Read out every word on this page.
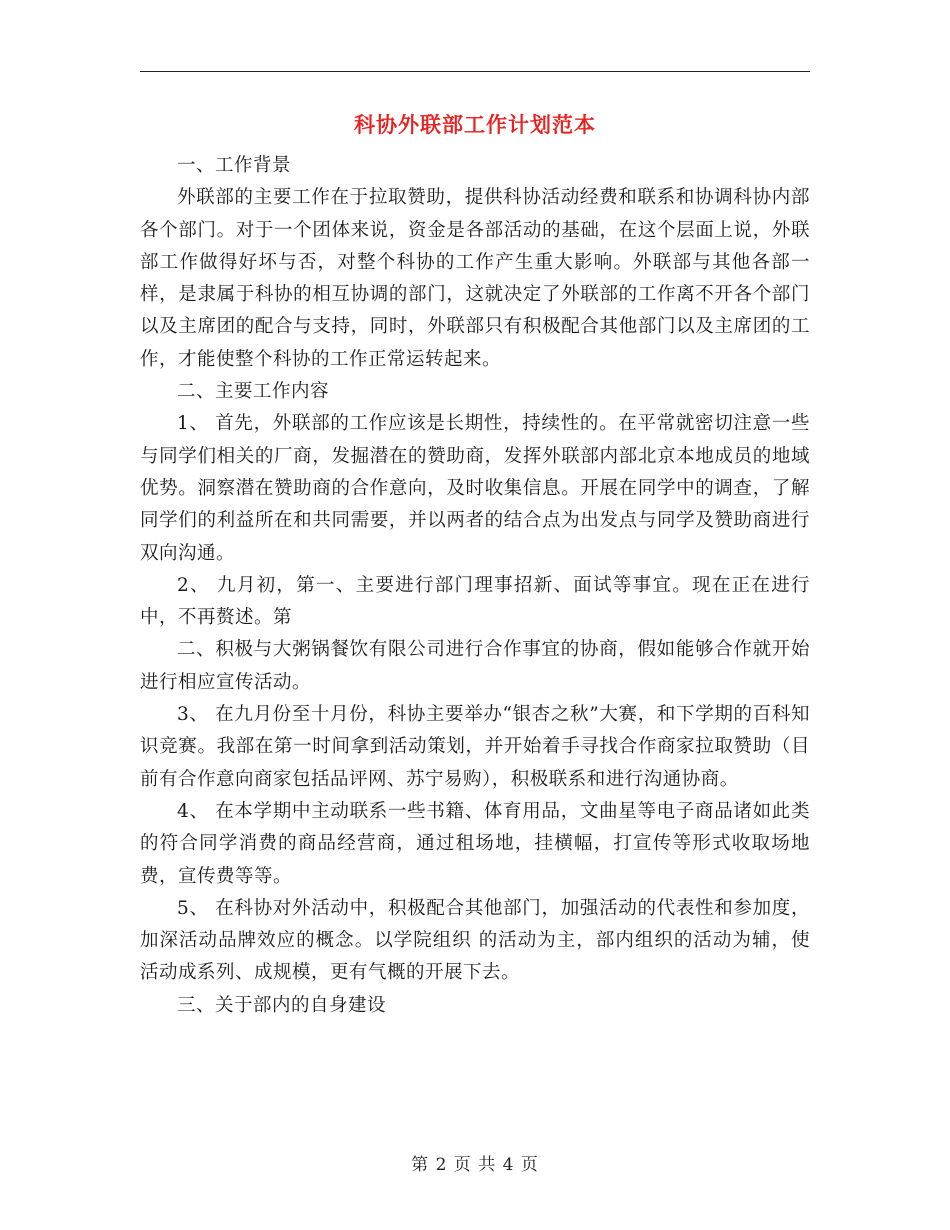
科协外联部工作计划范本

一、工作背景

外联部的主要工作在于拉取赞助，提供科协活动经费和联系和协调科协内部各个部门。对于一个团体来说，资金是各部活动的基础，在这个层面上说，外联部工作做得好坏与否，对整个科协的工作产生重大影响。外联部与其他各部一样，是隶属于科协的相互协调的部门，这就决定了外联部的工作离不开各个部门以及主席团的配合与支持，同时，外联部只有积极配合其他部门以及主席团的工作，才能使整个科协的工作正常运转起来。

二、主要工作内容

1、 首先，外联部的工作应该是长期性，持续性的。在平常就密切注意一些与同学们相关的厂商，发掘潜在的赞助商，发挥外联部内部北京本地成员的地域优势。洞察潜在赞助商的合作意向，及时收集信息。开展在同学中的调查，了解同学们的利益所在和共同需要，并以两者的结合点为出发点与同学及赞助商进行双向沟通。

2、 九月初，第一、主要进行部门理事招新、面试等事宜。现在正在进行中，不再赘述。第

二、积极与大粥锅餐饮有限公司进行合作事宜的协商，假如能够合作就开始进行相应宣传活动。

3、 在九月份至十月份，科协主要举办“银杏之秋”大赛，和下学期的百科知识竞赛。我部在第一时间拿到活动策划，并开始着手寻找合作商家拉取赞助（目前有合作意向商家包括品评网、苏宁易购），积极联系和进行沟通协商。

4、 在本学期中主动联系一些书籍、体育用品，文曲星等电子商品诸如此类的符合同学消费的商品经营商，通过租场地，挂横幅，打宣传等形式收取场地费，宣传费等等。

5、 在科协对外活动中，积极配合其他部门，加强活动的代表性和参加度，加深活动品牌效应的概念。以学院组织 的活动为主，部内组织的活动为辅，使活动成系列、成规模，更有气概的开展下去。

三、关于部内的自身建设

第 2 页 共 4 页
